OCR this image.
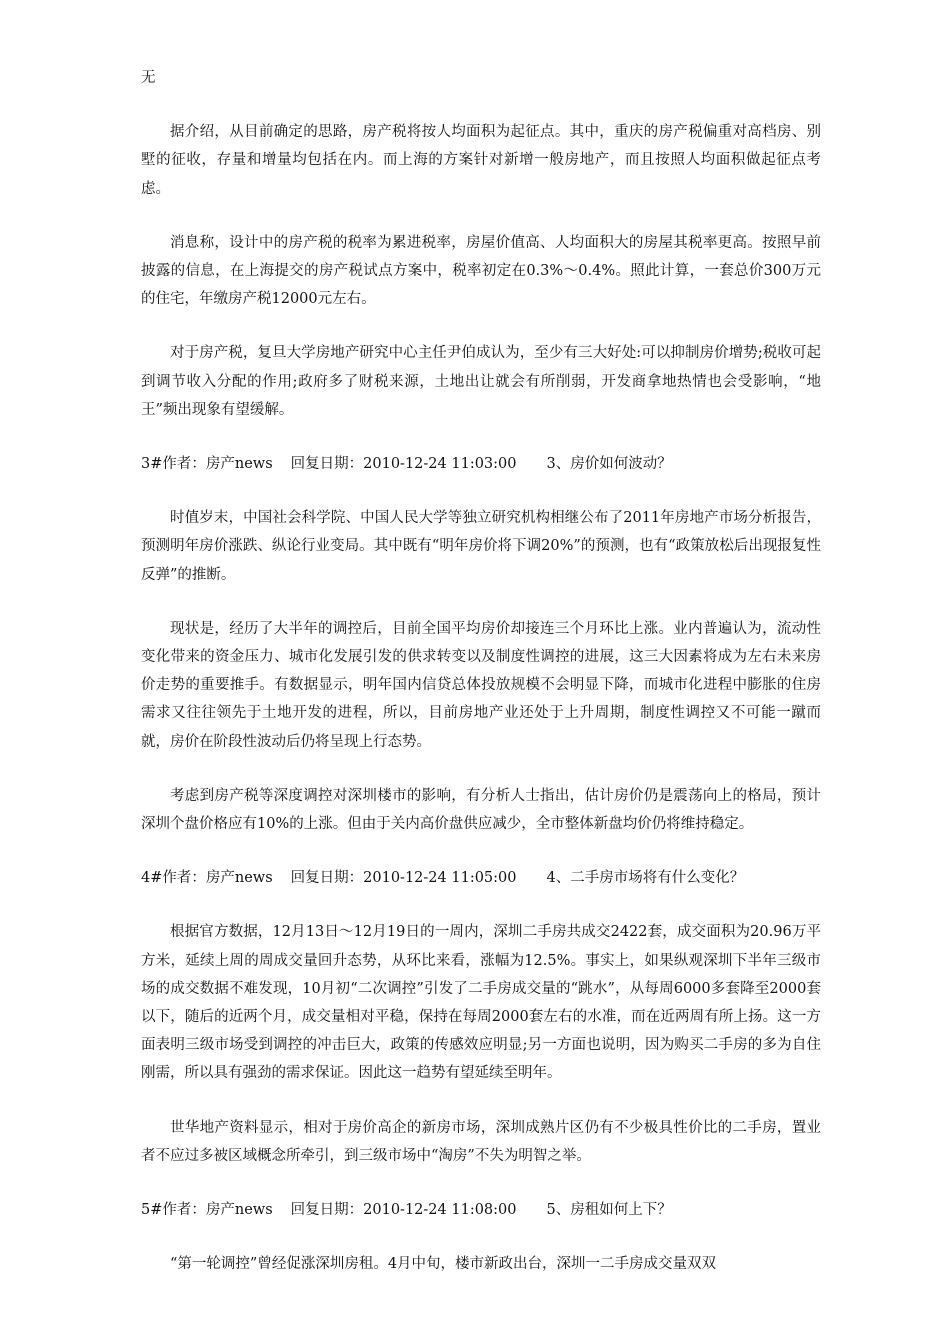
无

据介绍，从目前确定的思路，房产税将按人均面积为起征点。其中，重庆的房产税偏重对高档房、别墅的征收，存量和增量均包括在内。而上海的方案针对新增一般房地产，而且按照人均面积做起征点考虑。

消息称，设计中的房产税的税率为累进税率，房屋价值高、人均面积大的房屋其税率更高。按照早前披露的信息，在上海提交的房产税试点方案中，税率初定在0.3%～0.4%。照此计算，一套总价300万元的住宅，年缴房产税12000元左右。

对于房产税，复旦大学房地产研究中心主任尹伯成认为，至少有三大好处:可以抑制房价增势;税收可起到调节收入分配的作用;政府多了财税来源，土地出让就会有所削弱，开发商拿地热情也会受影响，“地王”频出现象有望缓解。

3#作者：房产news 回复日期：2010-12-24 11:03:00 3、房价如何波动？

时值岁末，中国社会科学院、中国人民大学等独立研究机构相继公布了2011年房地产市场分析报告，预测明年房价涨跌、纵论行业变局。其中既有“明年房价将下调20%”的预测，也有“政策放松后出现报复性反弹”的推断。

现状是，经历了大半年的调控后，目前全国平均房价却接连三个月环比上涨。业内普遍认为，流动性变化带来的资金压力、城市化发展引发的供求转变以及制度性调控的进展，这三大因素将成为左右未来房价走势的重要推手。有数据显示，明年国内信贷总体投放规模不会明显下降，而城市化进程中膨胀的住房需求又往往领先于土地开发的进程，所以，目前房地产业还处于上升周期，制度性调控又不可能一蹴而就，房价在阶段性波动后仍将呈现上行态势。

考虑到房产税等深度调控对深圳楼市的影响，有分析人士指出，估计房价仍是震荡向上的格局，预计深圳个盘价格应有10%的上涨。但由于关内高价盘供应减少，全市整体新盘均价仍将维持稳定。

4#作者：房产news 回复日期：2010-12-24 11:05:00 4、二手房市场将有什么变化？

根据官方数据，12月13日～12月19日的一周内，深圳二手房共成交2422套，成交面积为20.96万平方米，延续上周的周成交量回升态势，从环比来看，涨幅为12.5%。事实上，如果纵观深圳下半年三级市场的成交数据不难发现，10月初“二次调控”引发了二手房成交量的“跳水”，从每周6000多套降至2000套以下，随后的近两个月，成交量相对平稳，保持在每周2000套左右的水准，而在近两周有所上扬。这一方面表明三级市场受到调控的冲击巨大，政策的传感效应明显;另一方面也说明，因为购买二手房的多为自住刚需，所以具有强劲的需求保证。因此这一趋势有望延续至明年。

世华地产资料显示，相对于房价高企的新房市场，深圳成熟片区仍有不少极具性价比的二手房，置业者不应过多被区域概念所牵引，到三级市场中“淘房”不失为明智之举。

5#作者：房产news 回复日期：2010-12-24 11:08:00 5、房租如何上下？

“第一轮调控”曾经促涨深圳房租。4月中旬，楼市新政出台，深圳一二手房成交量双双
